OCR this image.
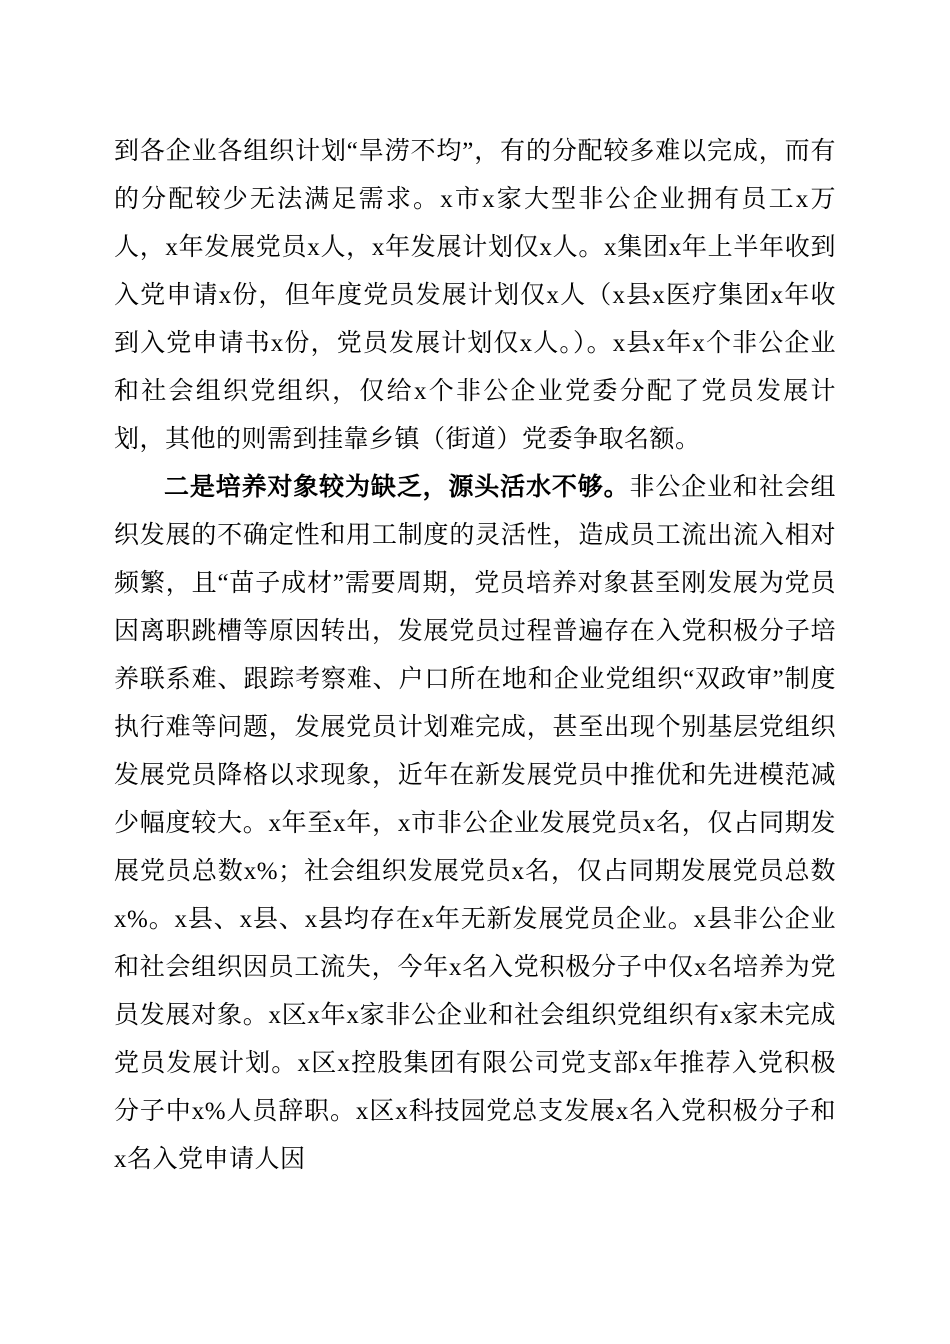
到各企业各组织计划“旱涝不均”，有的分配较多难以完成，而有的分配较少无法满足需求。x市x家大型非公企业拥有员工x万人，x年发展党员x人，x年发展计划仅x人。x集团x年上半年收到入党申请x份，但年度党员发展计划仅x人（x县x医疗集团x年收到入党申请书x份，党员发展计划仅x人。）。x县x年x个非公企业和社会组织党组织，仅给x个非公企业党委分配了党员发展计划，其他的则需到挂靠乡镇（街道）党委争取名额。

二是培养对象较为缺乏，源头活水不够。非公企业和社会组织发展的不确定性和用工制度的灵活性，造成员工流出流入相对频繁，且“苗子成材”需要周期，党员培养对象甚至刚发展为党员因离职跳槽等原因转出，发展党员过程普遍存在入党积极分子培养联系难、跟踪考察难、户口所在地和企业党组织“双政审”制度执行难等问题，发展党员计划难完成，甚至出现个别基层党组织发展党员降格以求现象，近年在新发展党员中推优和先进模范减少幅度较大。x年至x年，x市非公企业发展党员x名，仅占同期发展党员总数x%；社会组织发展党员x名，仅占同期发展党员总数x%。x县、x县、x县均存在x年无新发展党员企业。x县非公企业和社会组织因员工流失，今年x名入党积极分子中仅x名培养为党员发展对象。x区x年x家非公企业和社会组织党组织有x家未完成党员发展计划。x区x控股集团有限公司党支部x年推荐入党积极分子中x%人员辞职。x区x科技园党总支发展x名入党积极分子和x名入党申请人因
